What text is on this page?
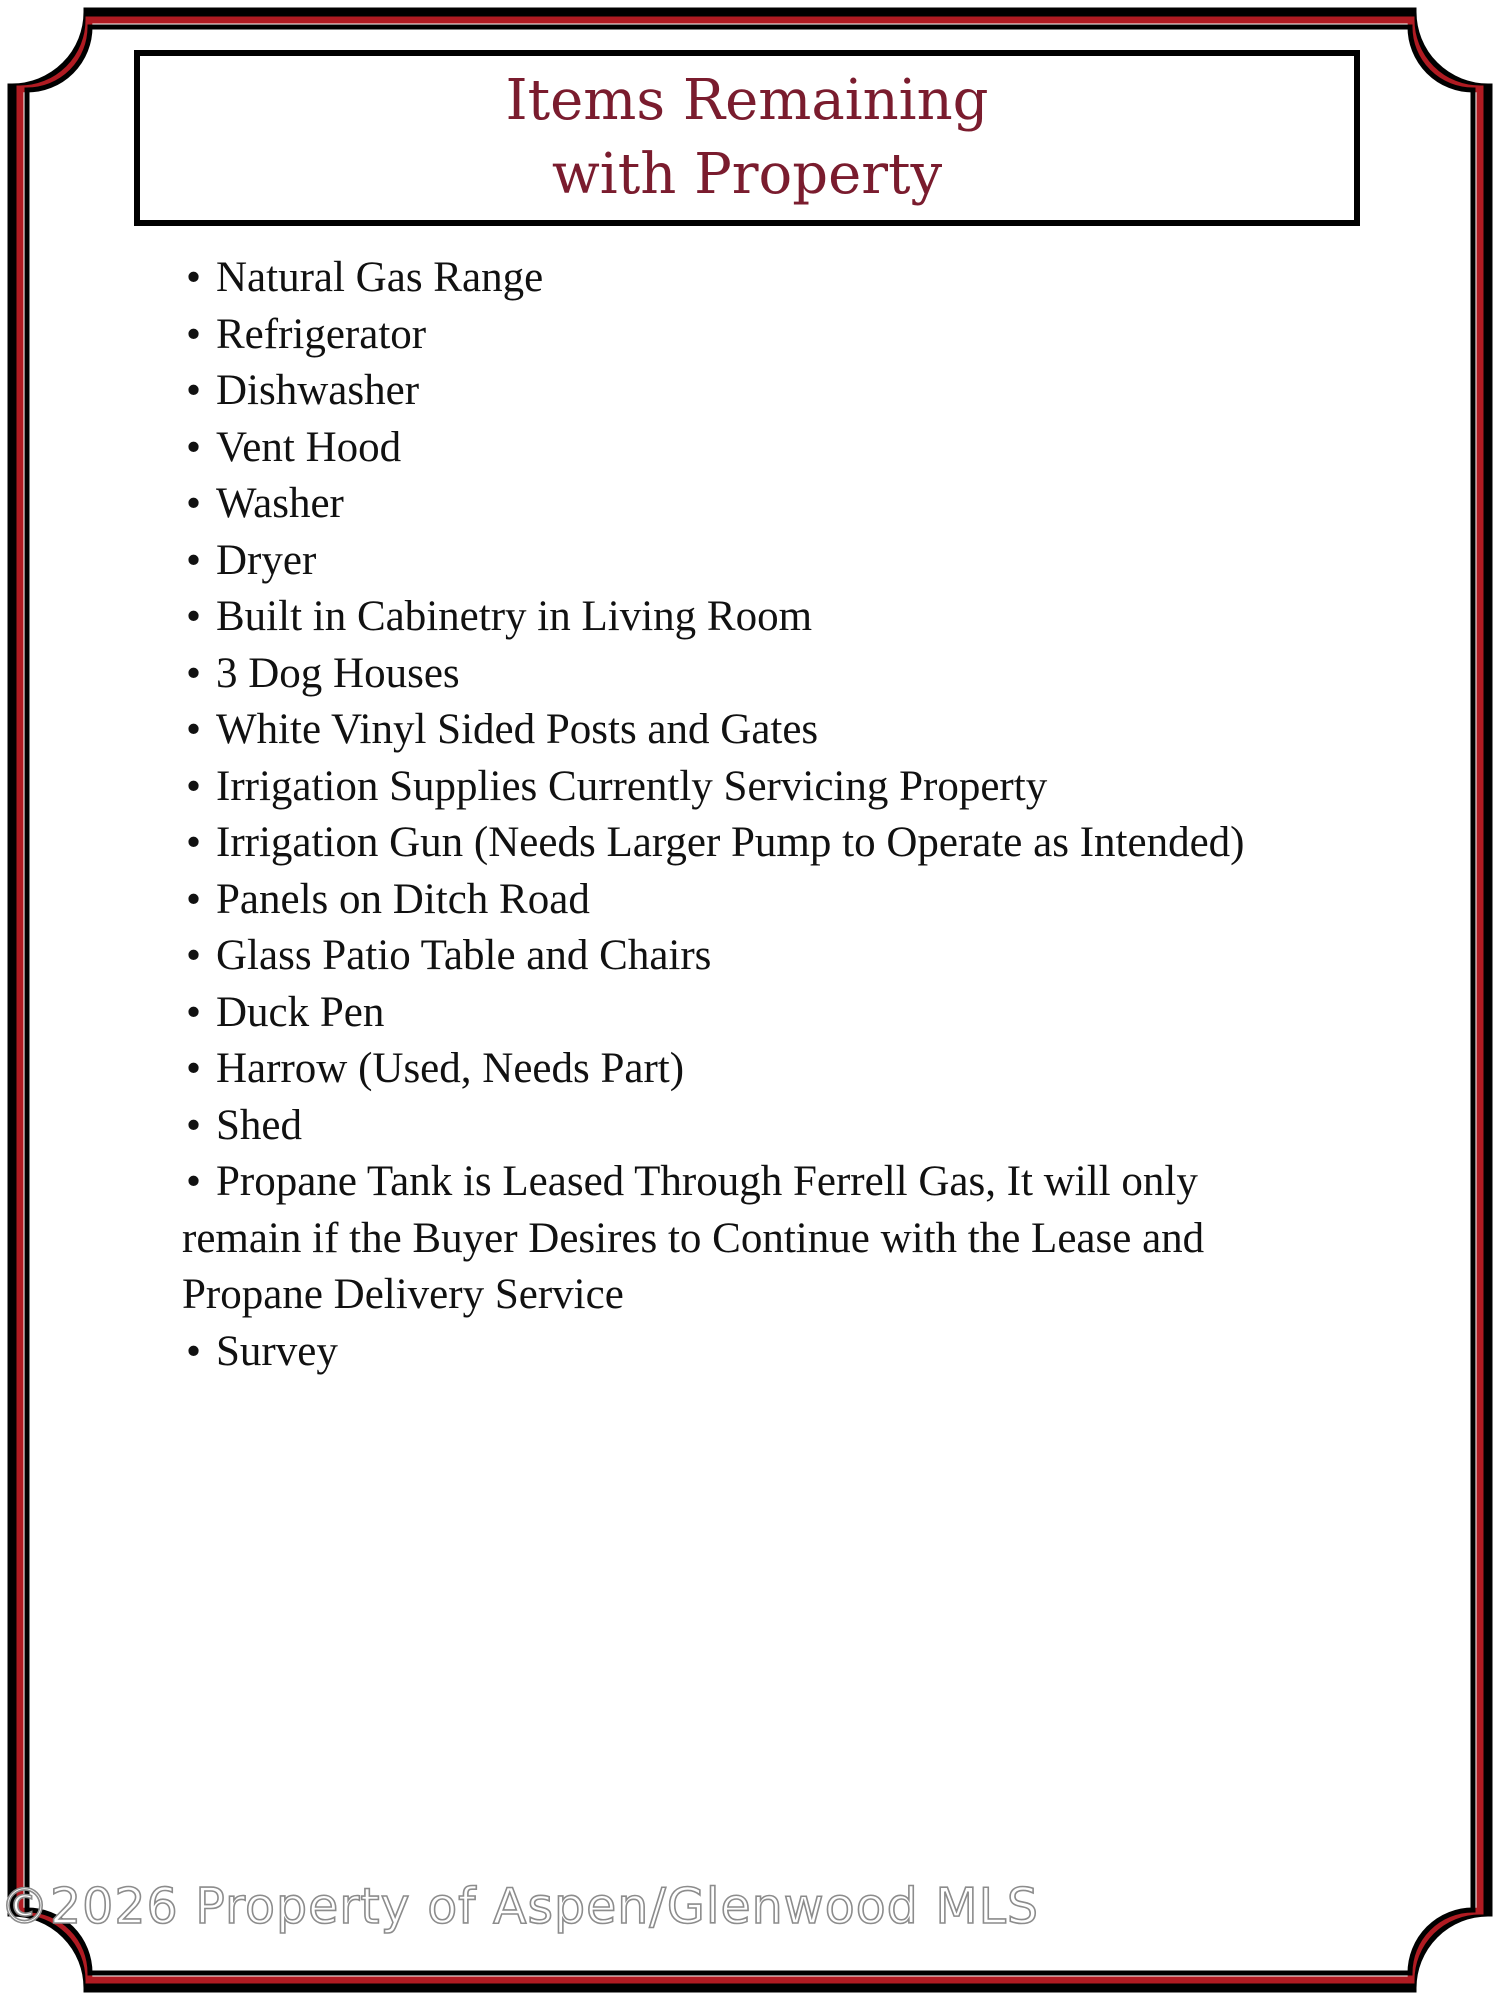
Items Remaining
with Property
• Natural Gas Range
• Refrigerator
• Dishwasher
• Vent Hood
• Washer
• Dryer
• Built in Cabinetry in Living Room
• 3 Dog Houses
• White Vinyl Sided Posts and Gates
• Irrigation Supplies Currently Servicing Property
• Irrigation Gun (Needs Larger Pump to Operate as Intended)
• Panels on Ditch Road
• Glass Patio Table and Chairs
• Duck Pen
• Harrow (Used, Needs Part)
• Shed
• Propane Tank is Leased Through Ferrell Gas, It will only remain if the Buyer Desires to Continue with the Lease and Propane Delivery Service
• Survey
©2026 Property of Aspen/Glenwood MLS
